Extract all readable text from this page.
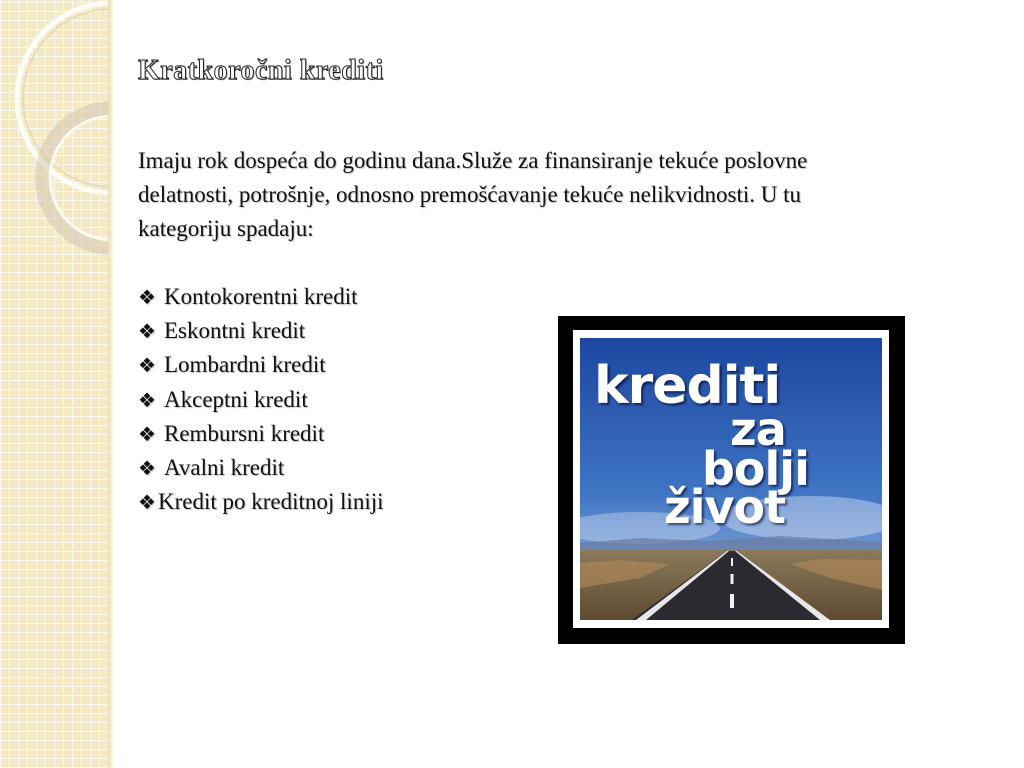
Kratkoročni krediti

Imaju rok dospeća do godinu dana.Služe za finansiranje tekuće poslovne delatnosti, potrošnje, odnosno premošćavanje tekuće nelikvidnosti. U tu kategoriju spadaju:

❖ Kontokorentni kredit
❖ Eskontni kredit
❖ Lombardni kredit
❖ Akceptni kredit
❖ Rembursni kredit
❖ Avalni kredit
❖Kredit po kreditnoj liniji
krediti
za
bolji
život
